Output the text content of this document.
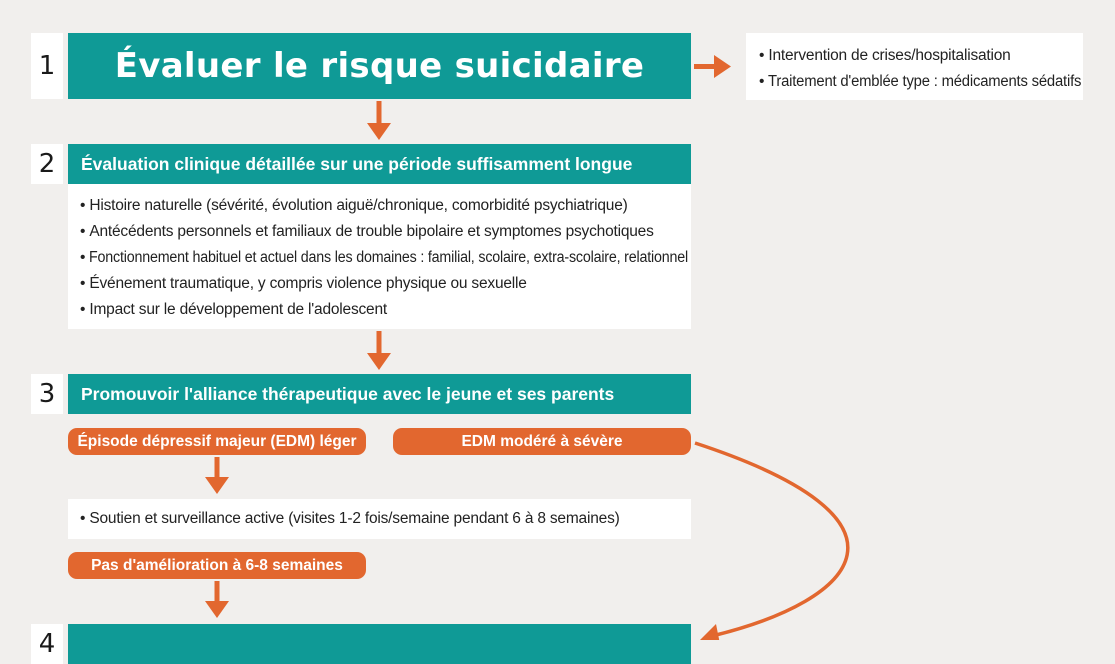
1	Évaluer le risque suicidaire
•	Intervention de crises/hospitalisation
• Traitement d'emblée type : médicaments sédatifs
2	Évaluation clinique détaillée sur une période suffisamment longue
• Histoire naturelle (sévérité, évolution aiguë/chronique, comorbidité psychiatrique)
• Antécédents personnels et familiaux de trouble bipolaire et symptomes psychotiques
• Fonctionnement habituel et actuel dans les domaines : familial, scolaire, extra-scolaire, relationnel
• Événement traumatique, y compris violence physique ou sexuelle
• Impact sur le développement de l'adolescent
3	Promouvoir l'alliance thérapeutique avec le jeune et ses parents
Épisode dépressif majeur (EDM) léger	EDM modéré à sévère
• Soutien et surveillance active (visites 1-2 fois/semaine pendant 6 à 8 semaines)
Pas d'amélioration à 6-8 semaines
4
